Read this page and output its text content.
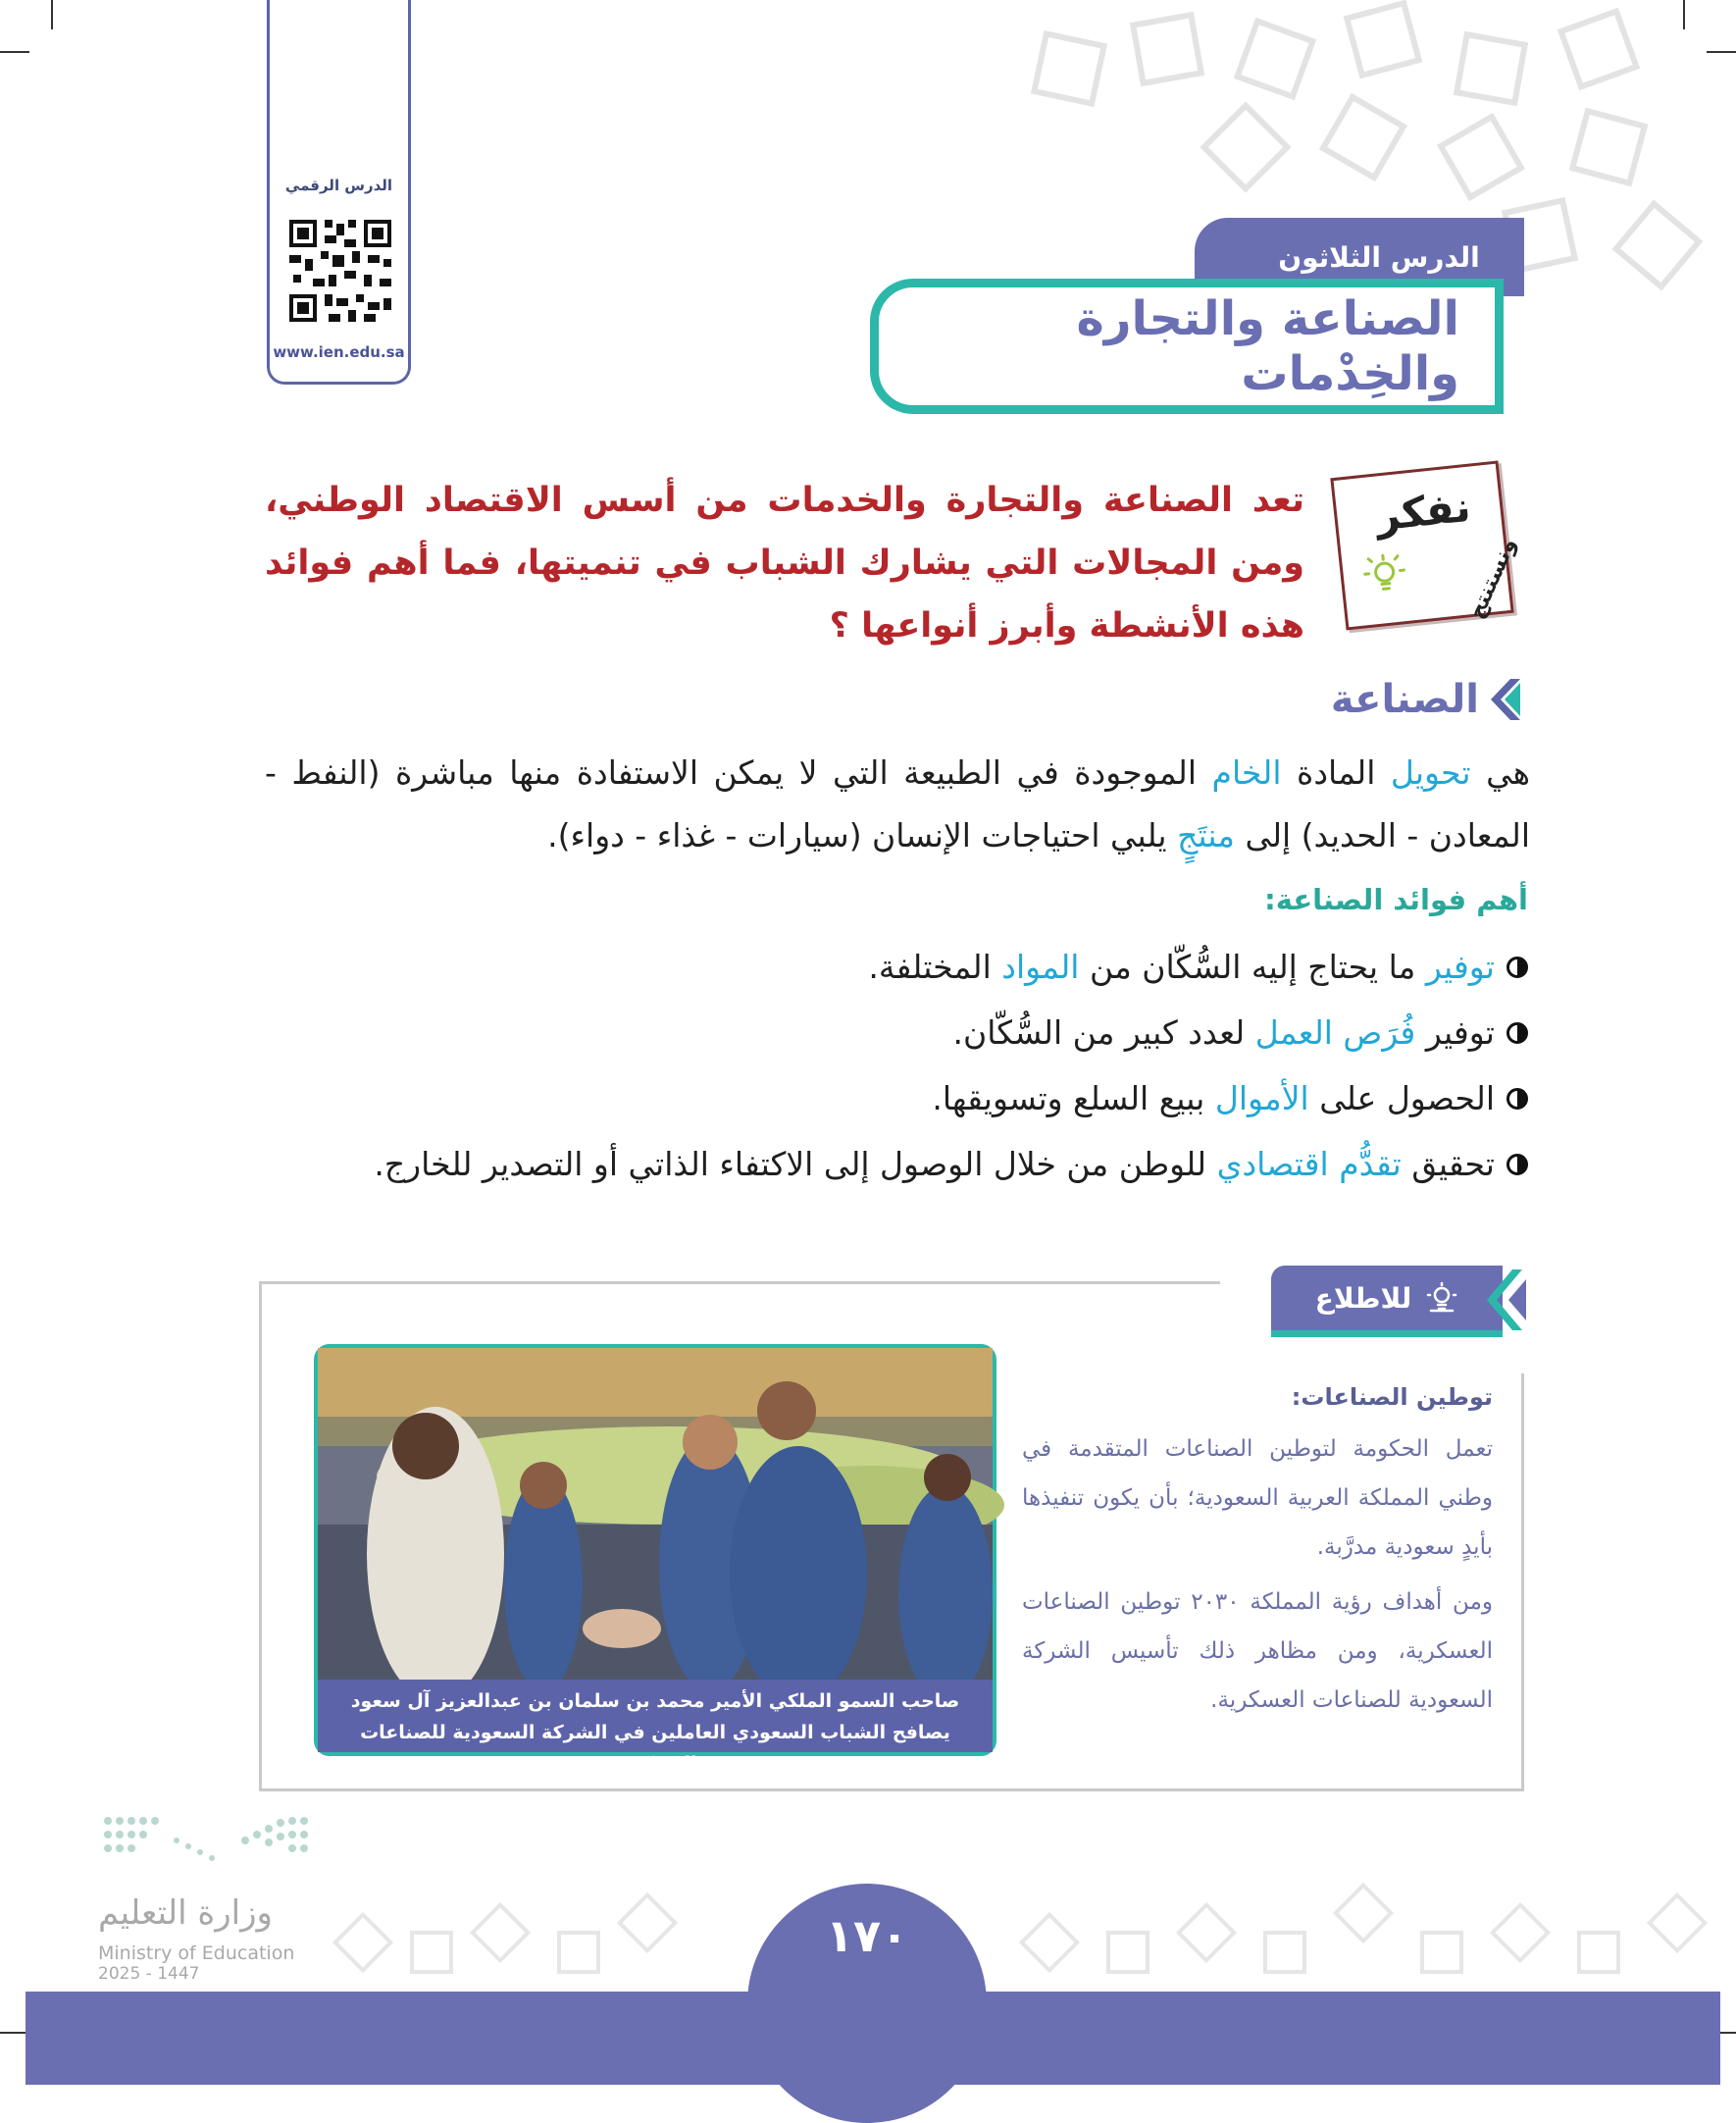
الدرس الرقمي
www.ien.edu.sa
الدرس الثلاثون
الصناعة والتجارة والخِدْمات
نفكر
ونستنتج
تعد الصناعة والتجارة والخدمات من أسس الاقتصاد الوطني، ومن المجالات التي يشارك الشباب في تنميتها، فما أهم فوائد هذه الأنشطة وأبرز أنواعها ؟
الصناعة
هي تحويل المادة الخام الموجودة في الطبيعة التي لا يمكن الاستفادة منها مباشرة (النفط - المعادن - الحديد) إلى منتَجٍ يلبي احتياجات الإنسان (سيارات - غذاء - دواء).
أهم فوائد الصناعة:
توفير ما يحتاج إليه السُّكّان من المواد المختلفة.
توفير فُرَص العمل لعدد كبير من السُّكّان.
الحصول على الأموال ببيع السلع وتسويقها.
تحقيق تقدُّم اقتصادي للوطن من خلال الوصول إلى الاكتفاء الذاتي أو التصدير للخارج.
للاطلاع
صاحب السمو الملكي الأمير محمد بن سلمان بن عبدالعزيز آل سعود
يصافح الشباب السعودي العاملين في الشركة السعودية للصناعات العسكرية
توطين الصناعات:
تعمل الحكومة لتوطين الصناعات المتقدمة في وطني المملكة العربية السعودية؛ بأن يكون تنفيذها بأيدٍ سعودية مدرَّبة.
ومن أهداف رؤية المملكة ٢٠٣٠ توطين الصناعات العسكرية، ومن مظاهر ذلك تأسيس الشركة السعودية للصناعات العسكرية.
١٧٠
وزارة التعليم
Ministry of Education
2025 - 1447
